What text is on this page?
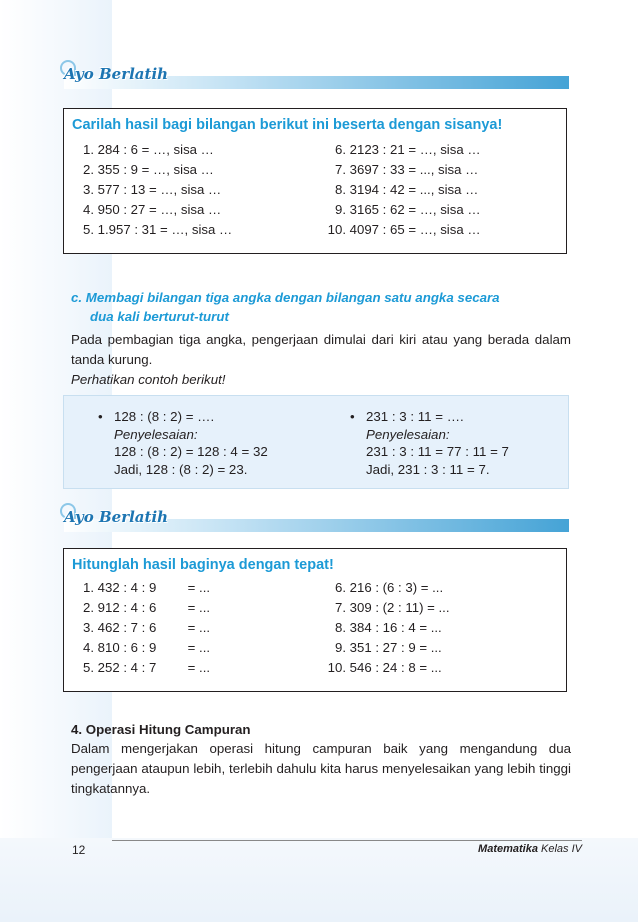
Ayo Berlatih
Carilah hasil bagi bilangan berikut ini beserta dengan sisanya!
1. 284 : 6 = …, sisa …
2. 355 : 9 = …, sisa …
3. 577 : 13 = …, sisa …
4. 950 : 27 = …, sisa …
5. 1.957 : 31 = …, sisa …
6. 2123 : 21 = …, sisa …
7. 3697 : 33 = ..., sisa …
8. 3194 : 42 = ..., sisa …
9. 3165 : 62 = …, sisa …
10. 4097 : 65 = …, sisa …
c. Membagi bilangan tiga angka dengan bilangan satu angka secara
dua kali berturut-turut
Pada pembagian tiga angka, pengerjaan dimulai dari kiri atau yang berada dalam tanda kurung.
Perhatikan contoh berikut!
• 128 : (8 : 2) = ….
Penyelesaian:
128 : (8 : 2) = 128 : 4 = 32
Jadi, 128 : (8 : 2) = 23.
• 231 : 3 : 11 = ….
Penyelesaian:
231 : 3 : 11 = 77 : 11 = 7
Jadi, 231 : 3 : 11 = 7.
Ayo Berlatih
Hitunglah hasil baginya dengan tepat!
1. 432 : 4 : 9 = ...
2. 912 : 4 : 6 = ...
3. 462 : 7 : 6 = ...
4. 810 : 6 : 9 = ...
5. 252 : 4 : 7 = ...
6. 216 : (6 : 3) = ...
7. 309 : (2 : 11) = ...
8. 384 : 16 : 4 = ...
9. 351 : 27 : 9 = ...
10. 546 : 24 : 8 = ...
4. Operasi Hitung Campuran
Dalam mengerjakan operasi hitung campuran baik yang mengandung dua pengerjaan ataupun lebih, terlebih dahulu kita harus menyelesaikan yang lebih tinggi tingkatannya.
12	Matematika Kelas IV
